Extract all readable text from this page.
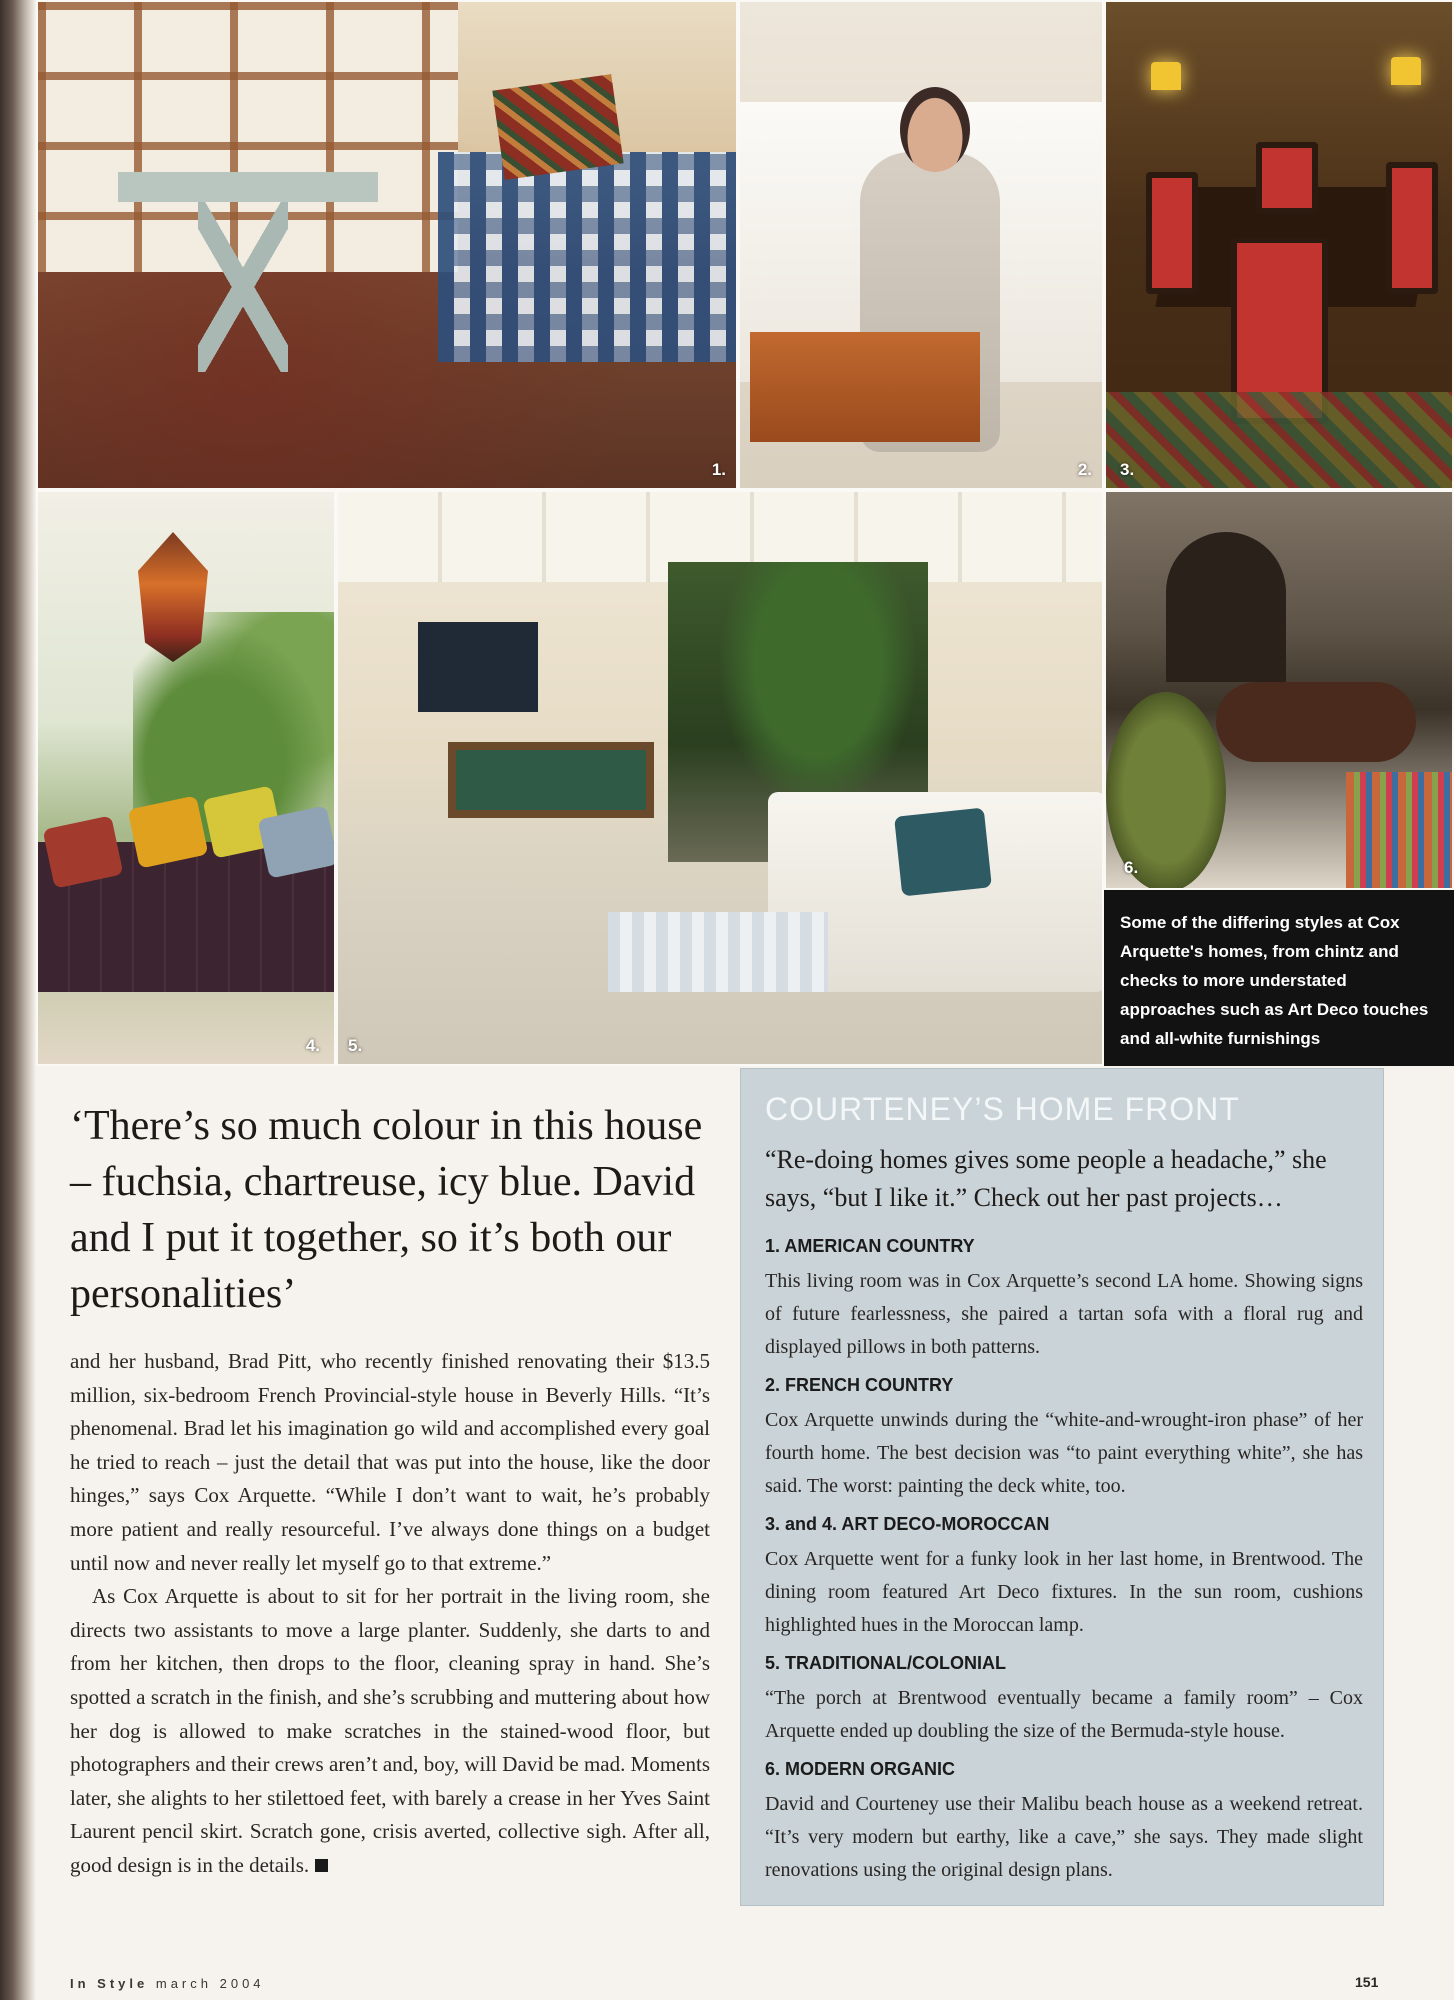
1.	2. 3.
4. 5.
6.

Some of the differing styles at Cox Arquette's homes, from chintz and checks to more understated approaches such as Art Deco touches and all-white furnishings

‘There’s so much colour in this house – fuchsia, chartreuse, icy blue. David and I put it together, so it’s both our personalities’

and her husband, Brad Pitt, who recently finished renovating their $13.5 million, six-bedroom French Provincial-style house in Beverly Hills. “It’s phenomenal. Brad let his imagination go wild and accomplished every goal he tried to reach – just the detail that was put into the house, like the door hinges,” says Cox Arquette. “While I don’t want to wait, he’s probably more patient and really resourceful. I’ve always done things on a budget until now and never really let myself go to that extreme.”

As Cox Arquette is about to sit for her portrait in the living room, she directs two assistants to move a large planter. Suddenly, she darts to and from her kitchen, then drops to the floor, cleaning spray in hand. She’s spotted a scratch in the finish, and she’s scrubbing and muttering about how her dog is allowed to make scratches in the stained-wood floor, but photographers and their crews aren’t and, boy, will David be mad. Moments later, she alights to her stilettoed feet, with barely a crease in her Yves Saint Laurent pencil skirt. Scratch gone, crisis averted, collective sigh. After all, good design is in the details.

COURTENEY’S HOME FRONT
“Re-doing homes gives some people a headache,” she says, “but I like it.” Check out her past projects…
1. AMERICAN COUNTRY
This living room was in Cox Arquette’s second LA home. Showing signs of future fearlessness, she paired a tartan sofa with a floral rug and displayed pillows in both patterns.
2. FRENCH COUNTRY
Cox Arquette unwinds during the “white-and-wrought-iron phase” of her fourth home. The best decision was “to paint everything white”, she has said. The worst: painting the deck white, too.
3. and 4. ART DECO-MOROCCAN
Cox Arquette went for a funky look in her last home, in Brentwood. The dining room featured Art Deco fixtures. In the sun room, cushions highlighted hues in the Moroccan lamp.
5. TRADITIONAL/COLONIAL
“The porch at Brentwood eventually became a family room” – Cox Arquette ended up doubling the size of the Bermuda-style house.
6. MODERN ORGANIC
David and Courteney use their Malibu beach house as a weekend retreat. “It’s very modern but earthy, like a cave,” she says. They made slight renovations using the original design plans.
In Style march 2004	151
